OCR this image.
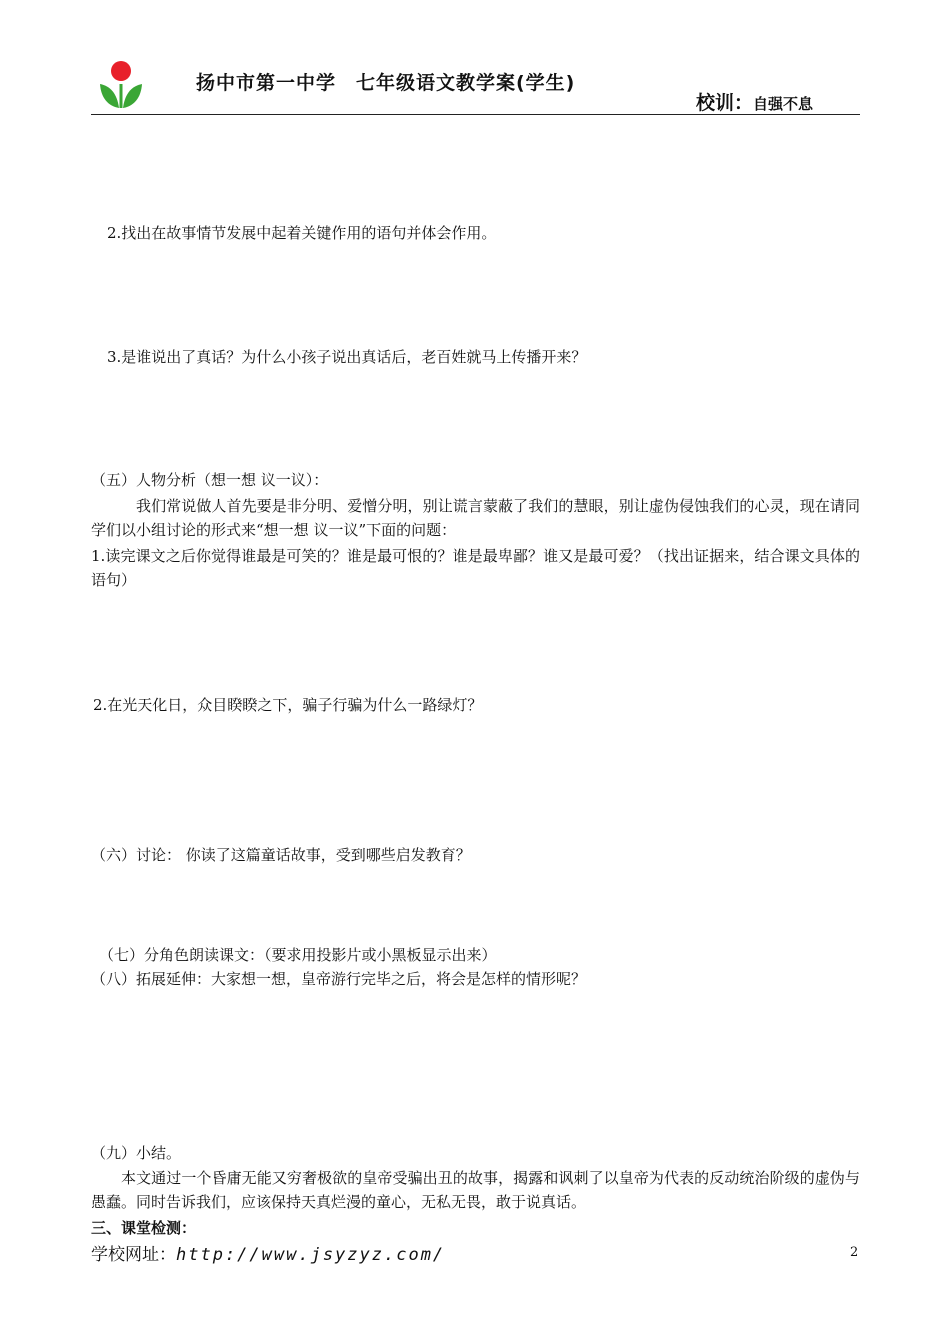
扬中市第一中学　七年级语文教学案(学生)
校训：自强不息
2.找出在故事情节发展中起着关键作用的语句并体会作用。
3.是谁说出了真话？为什么小孩子说出真话后，老百姓就马上传播开来？
（五）人物分析（想一想 议一议）：
我们常说做人首先要是非分明、爱憎分明，别让谎言蒙蔽了我们的慧眼，别让虚伪侵蚀我们的心灵，现在请同学们以小组讨论的形式来“想一想 议一议”下面的问题：
1.读完课文之后你觉得谁最是可笑的？谁是最可恨的？谁是最卑鄙？谁又是最可爱？（找出证据来，结合课文具体的语句）
2.在光天化日，众目睽睽之下，骗子行骗为什么一路绿灯？
（六）讨论： 你读了这篇童话故事，受到哪些启发教育？
（七）分角色朗读课文：（要求用投影片或小黑板显示出来）
（八）拓展延伸：大家想一想，皇帝游行完毕之后，将会是怎样的情形呢？
（九）小结。
本文通过一个昏庸无能又穷奢极欲的皇帝受骗出丑的故事，揭露和讽刺了以皇帝为代表的反动统治阶级的虚伪与愚蠢。同时告诉我们，应该保持天真烂漫的童心，无私无畏，敢于说真话。
三、课堂检测：
学校网址：http://www.jsyzyz.com/	2
